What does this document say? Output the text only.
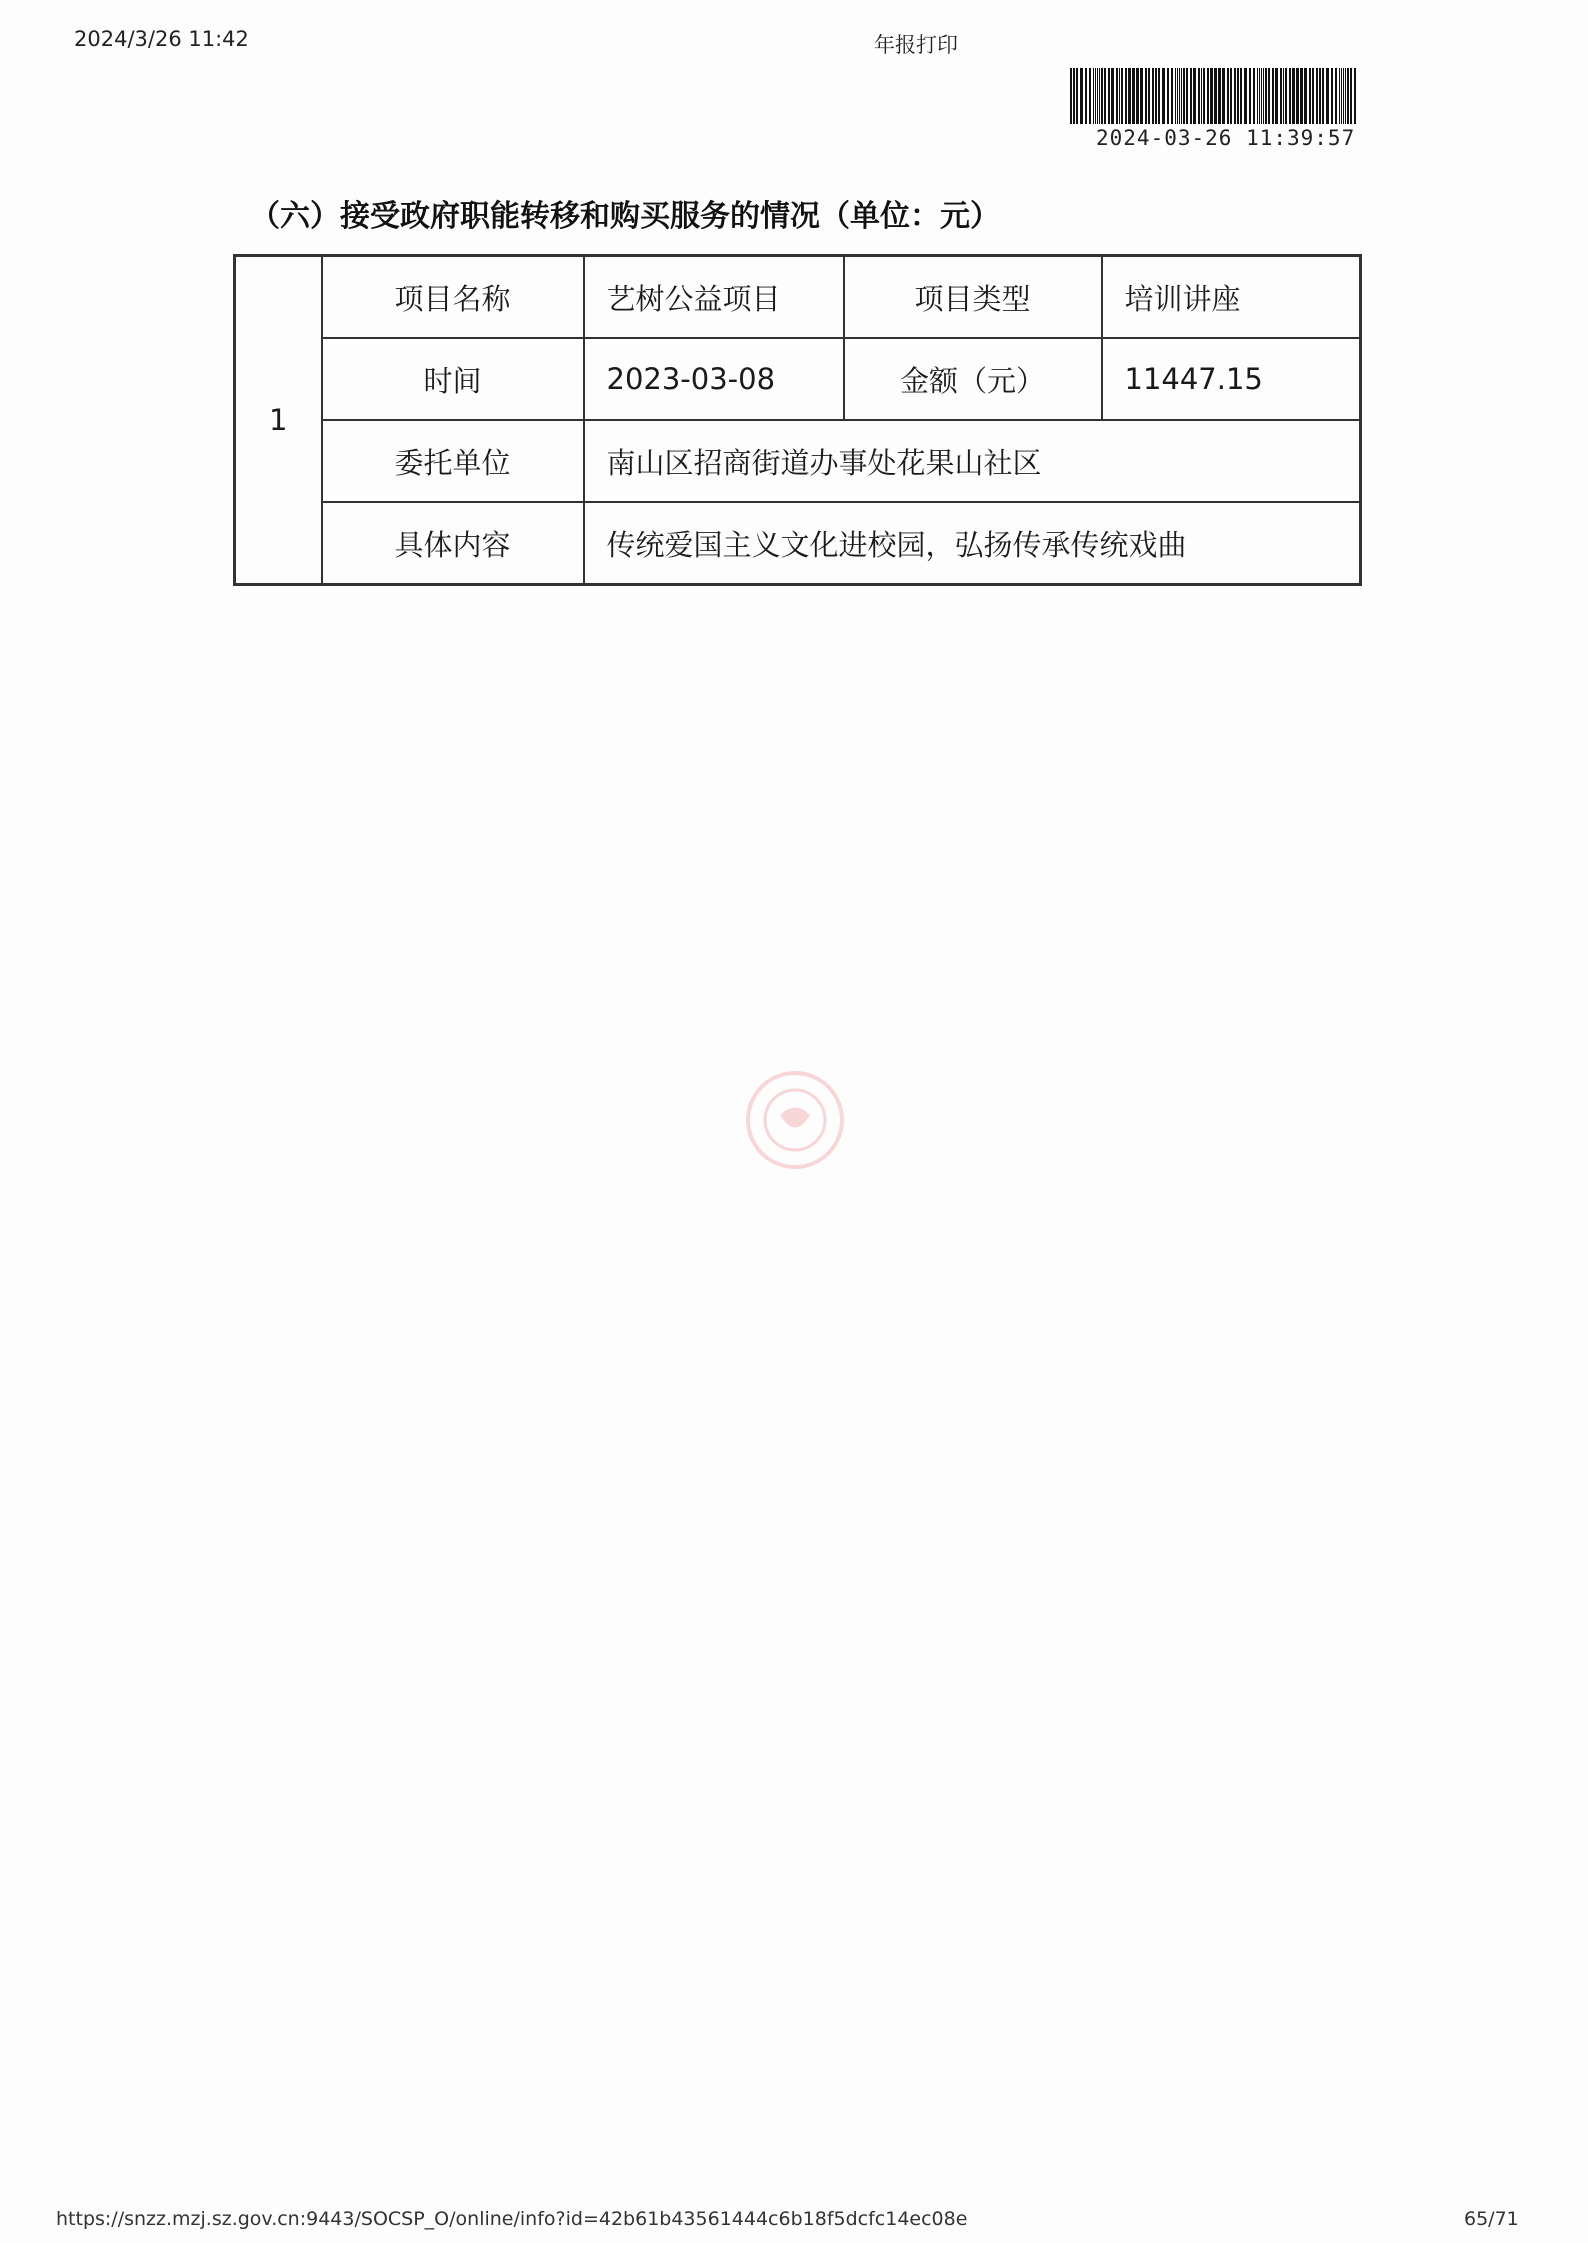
2024/3/26 11:42	年报打印
2024-03-26 11:39:57
（六）接受政府职能转移和购买服务的情况（单位：元）
1	项目名称	艺树公益项目	项目类型	培训讲座
	时间	2023-03-08	金额（元）	11447.15
	委托单位	南山区招商街道办事处花果山社区		
	具体内容	传统爱国主义文化进校园，弘扬传承传统戏曲		
https://snzz.mzj.sz.gov.cn:9443/SOCSP_O/online/info?id=42b61b43561444c6b18f5dcfc14ec08e	65/71
